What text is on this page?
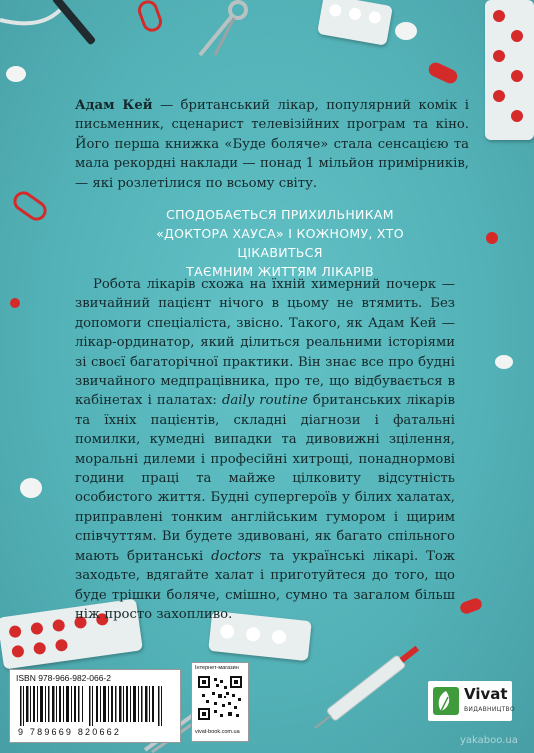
Адам Кей — британський лікар, популярний комік і письменник, сценарист телевізійних програм та кіно. Його перша книжка «Буде боляче» стала сенсацією та мала рекордні наклади — понад 1 мільйон примірників, — які розлетілися по всьому світу.

СПОДОБАЄТЬСЯ ПРИХИЛЬНИКАМ
«ДОКТОРА ХАУСА» І КОЖНОМУ, ХТО ЦІКАВИТЬСЯ
ТАЄМНИМ ЖИТТЯМ ЛІКАРІВ

Робота лікарів схожа на їхній химерний почерк — звичайний пацієнт нічого в цьому не втямить. Без допомоги спеціаліста, звісно. Такого, як Адам Кей — лікар-ординатор, який ділиться реальними історіями зі своєї багаторічної практики. Він знає все про будні звичайного медпрацівника, про те, що відбувається в кабінетах і палатах: daily routine британських лікарів та їхніх пацієнтів, складні діагнози і фатальні помилки, кумедні випадки та дивовижні зцілення, моральні дилеми і професійні хитрощі, понаднормові години праці та майже цілковиту відсутність особистого життя. Будні супергероїв у білих халатах, приправлені тонким англійським гумором і щирим співчуттям. Ви будете здивовані, як багато спільного мають британські doctors та українські лікарі. Тож заходьте, вдягайте халат і приготуйтеся до того, що буде трішки боляче, смішно, сумно та загалом більш ніж просто захопливо.

ISBN 978-966-982-066-2
9 789669 820662
Інтернет-магазин
vivat-book.com.ua
Vivat
ВИДАВНИЦТВО
yakaboo.ua
